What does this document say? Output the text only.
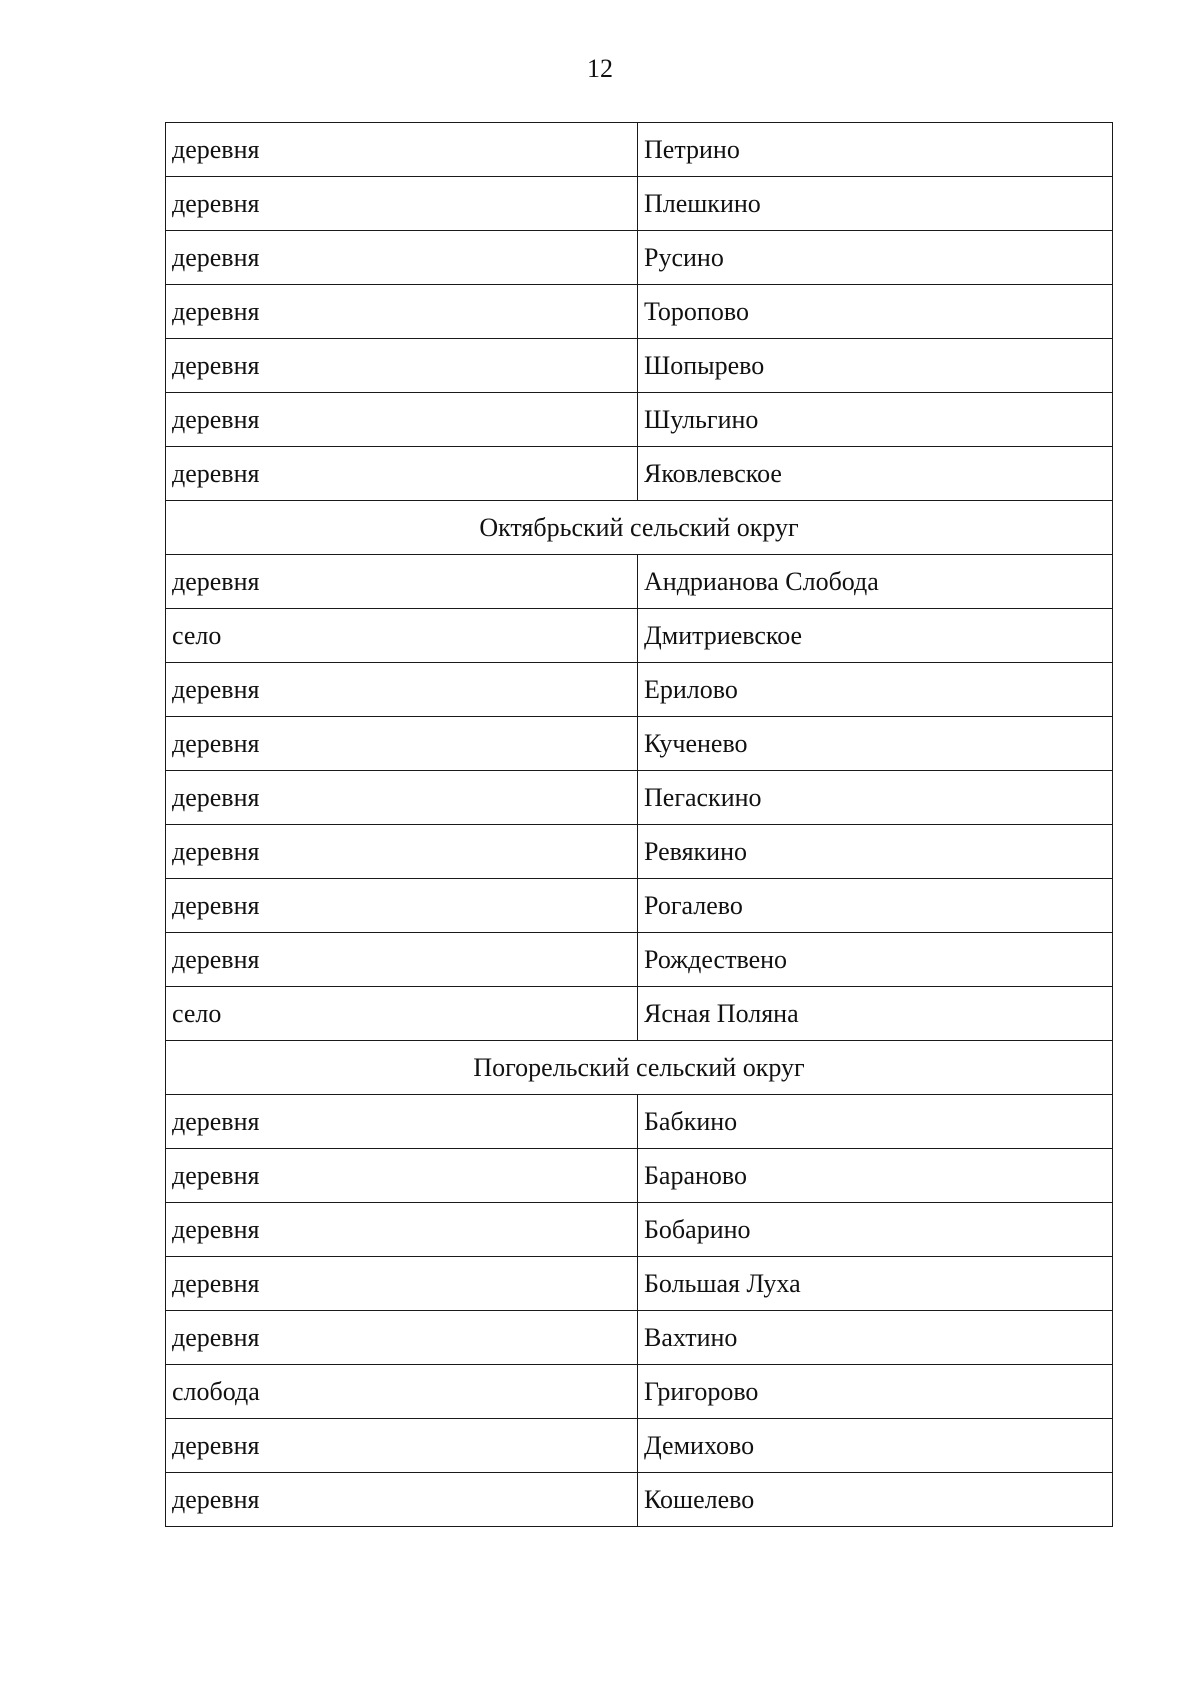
12
деревня	Петрино
деревня	Плешкино
деревня	Русино
деревня	Торопово
деревня	Шопырево
деревня	Шульгино
деревня	Яковлевское
Октябрьский сельский округ	
деревня	Андрианова Слобода
село	Дмитриевское
деревня	Ерилово
деревня	Кученево
деревня	Пегаскино
деревня	Ревякино
деревня	Рогалево
деревня	Рождествено
село	Ясная Поляна
Погорельский сельский округ	
деревня	Бабкино
деревня	Бараново
деревня	Бобарино
деревня	Большая Луха
деревня	Вахтино
слобода	Григорово
деревня	Демихово
деревня	Кошелево
